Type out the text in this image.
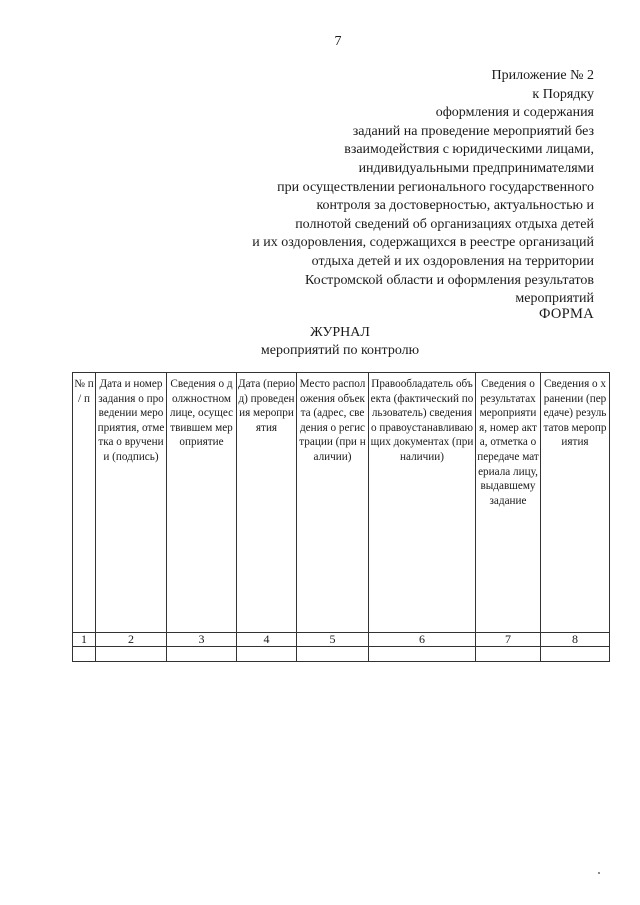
7
Приложение № 2
к Порядку
оформления и содержания
заданий на проведение мероприятий без
взаимодействия с юридическими лицами,
индивидуальными предпринимателями
при осуществлении регионального государственного
контроля за достоверностью, актуальностью и
полнотой сведений об организациях отдыха детей
и их оздоровления, содержащихся в реестре организаций
отдыха детей и их оздоровления на территории
Костромской области и оформления результатов
мероприятий
ФОРМА
ЖУРНАЛ
мероприятий по контролю
№ п / п	Дата и номер задания о проведении мероприятия, отметка о вручении (подпись)	Сведения о должностном лице, осуществившем мероприятие	Дата (период) проведения мероприятия	Место расположения объекта (адрес, сведения о регистрации (при наличии)	Правообладатель объекта (фактический пользователь) сведения о правоустанавливающих документах (при наличии)	Сведения о результатах мероприятия, номер акта, отметка о передаче материала лицу, выдавшему задание	Сведения о хранении (передаче) результатов мероприятия
1	2	3	4	5	6	7	8
